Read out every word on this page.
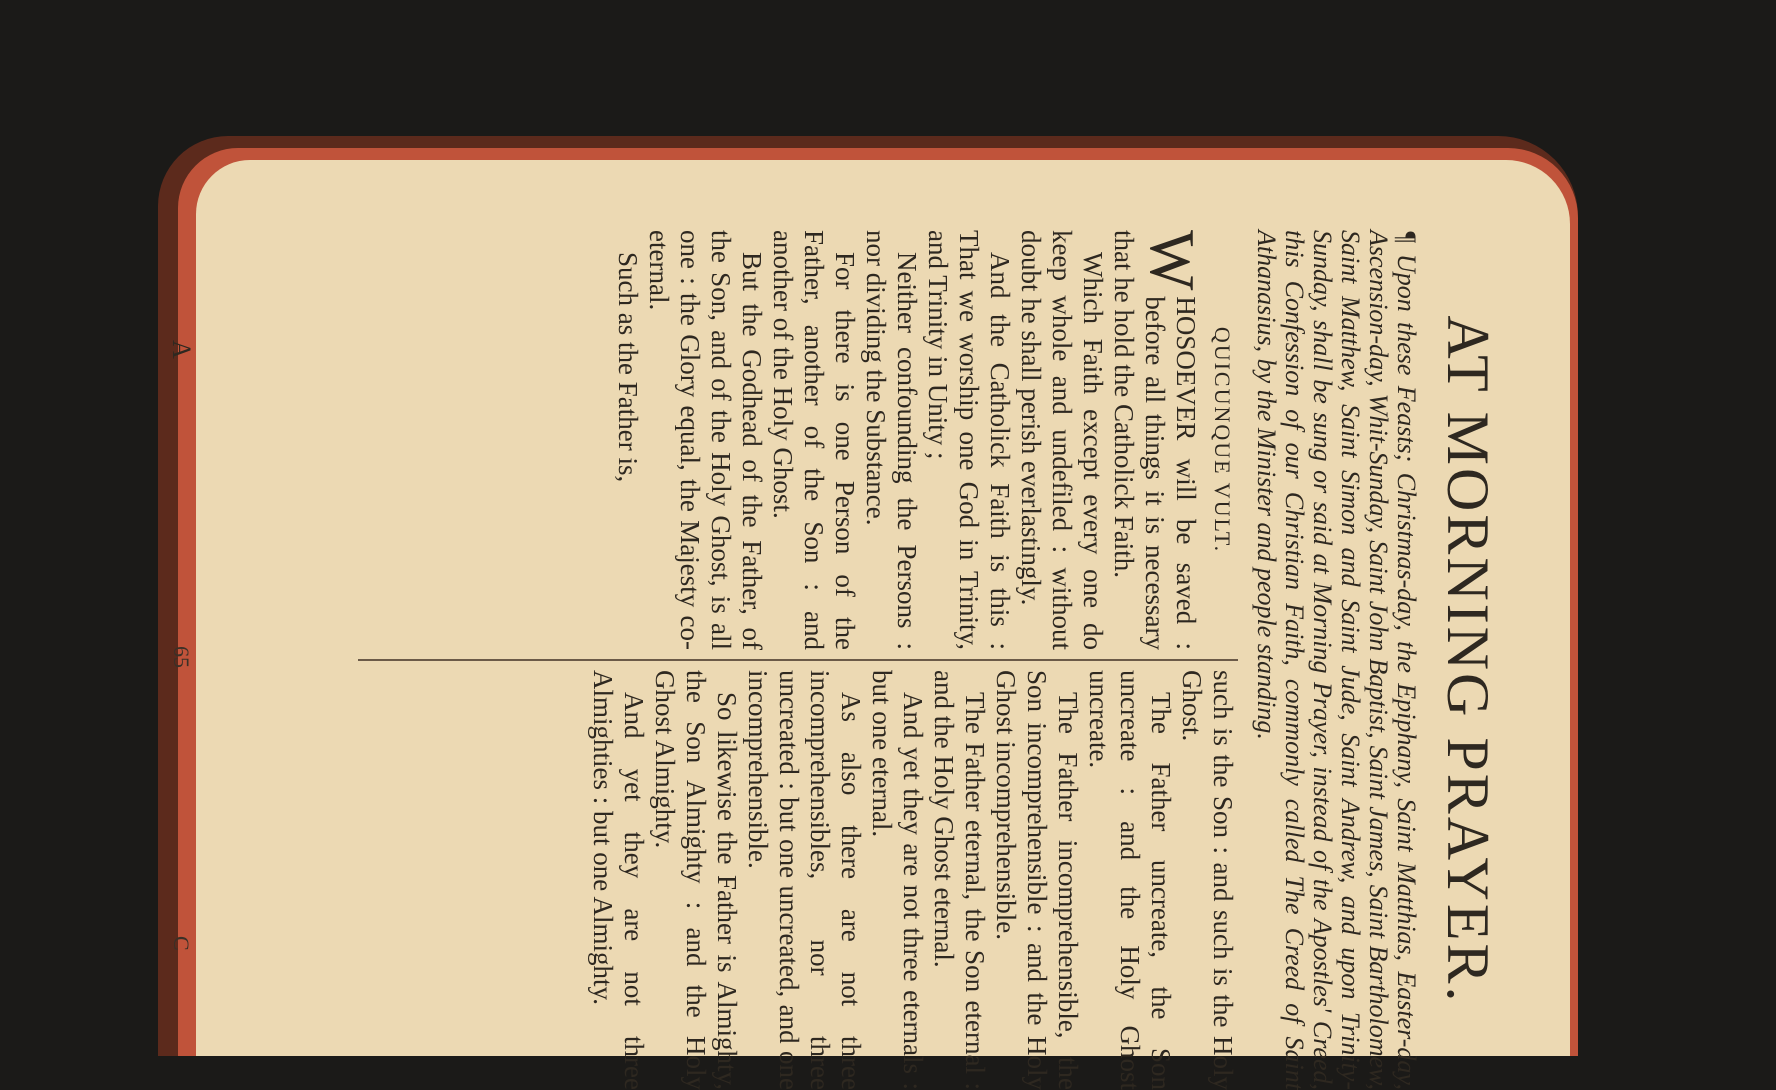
AT MORNING PRAYER.
¶ Upon these Feasts; Christmas-day, the Epiphany, Saint Matthias, Easter-day, Ascension-day, Whit-Sunday, Saint John Baptist, Saint James, Saint Bartholomew, Saint Matthew, Saint Simon and Saint Jude, Saint Andrew, and upon Trinity-Sunday, shall be sung or said at Morning Prayer, instead of the Apostles' Creed, this Confession of our Christian Faith, commonly called The Creed of Saint Athanasius, by the Minister and people standing.
QUICUNQUE VULT.

W
HOSOEVER will be saved : before all things it is necessary that he hold the Catholick Faith.

Which Faith except every one do keep whole and undefiled : without doubt he shall perish everlastingly.

And the Catholick Faith is this : That we worship one God in Trinity, and Trinity in Unity ;

Neither confounding the Persons : nor dividing the Substance.

For there is one Person of the Father, another of the Son : and another of the Holy Ghost.

But the Godhead of the Father, of the Son, and of the Holy Ghost, is all one : the Glory equal, the Majesty co-eternal.

Such as the Father is,

such is the Son : and such is the Holy Ghost.

The Father uncreate, the Son uncreate : and the Holy Ghost uncreate.

The Father incomprehensible, the Son incomprehensible : and the Holy Ghost incomprehensible.

The Father eternal, the Son eternal : and the Holy Ghost eternal.

And yet they are not three eternals : but one eternal.

As also there are not three incomprehensibles, nor three uncreated : but one uncreated, and one incomprehensible.

So likewise the Father is Almighty, the Son Almighty : and the Holy Ghost Almighty.

And yet they are not three Almighties : but one Almighty.

A
65
C
